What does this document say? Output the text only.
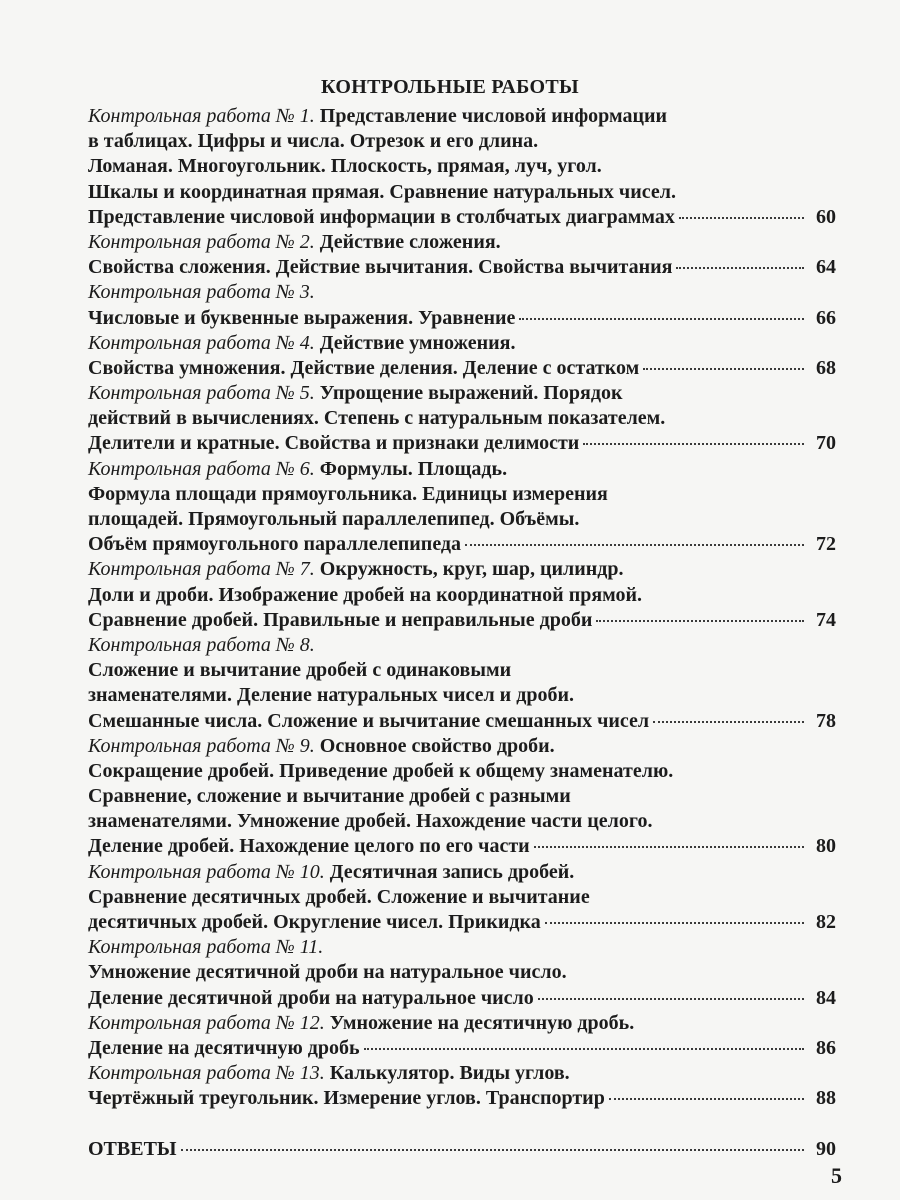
КОНТРОЛЬНЫЕ РАБОТЫ
Контрольная работа № 1. Представление числовой информации
в таблицах. Цифры и числа. Отрезок и его длина.
Ломаная. Многоугольник. Плоскость, прямая, луч, угол.
Шкалы и координатная прямая. Сравнение натуральных чисел.
Представление числовой информации в столбчатых диаграммах	60
Контрольная работа № 2. Действие сложения.
Свойства сложения. Действие вычитания. Свойства вычитания	64
Контрольная работа № 3.
Числовые и буквенные выражения. Уравнение	66
Контрольная работа № 4. Действие умножения.
Свойства умножения. Действие деления. Деление с остатком	68
Контрольная работа № 5. Упрощение выражений. Порядок
действий в вычислениях. Степень с натуральным показателем.
Делители и кратные. Свойства и признаки делимости	70
Контрольная работа № 6. Формулы. Площадь.
Формула площади прямоугольника. Единицы измерения
площадей. Прямоугольный параллелепипед. Объёмы.
Объём прямоугольного параллелепипеда	72
Контрольная работа № 7. Окружность, круг, шар, цилиндр.
Доли и дроби. Изображение дробей на координатной прямой.
Сравнение дробей. Правильные и неправильные дроби	74
Контрольная работа № 8.
Сложение и вычитание дробей с одинаковыми
знаменателями. Деление натуральных чисел и дроби.
Смешанные числа. Сложение и вычитание смешанных чисел	78
Контрольная работа № 9. Основное свойство дроби.
Сокращение дробей. Приведение дробей к общему знаменателю.
Сравнение, сложение и вычитание дробей с разными
знаменателями. Умножение дробей. Нахождение части целого.
Деление дробей. Нахождение целого по его части	80
Контрольная работа № 10. Десятичная запись дробей.
Сравнение десятичных дробей. Сложение и вычитание
десятичных дробей. Округление чисел. Прикидка	82
Контрольная работа № 11.
Умножение десятичной дроби на натуральное число.
Деление десятичной дроби на натуральное число	84
Контрольная работа № 12. Умножение на десятичную дробь.
Деление на десятичную дробь	86
Контрольная работа № 13. Калькулятор. Виды углов.
Чертёжный треугольник. Измерение углов. Транспортир	88
ОТВЕТЫ	90
5
